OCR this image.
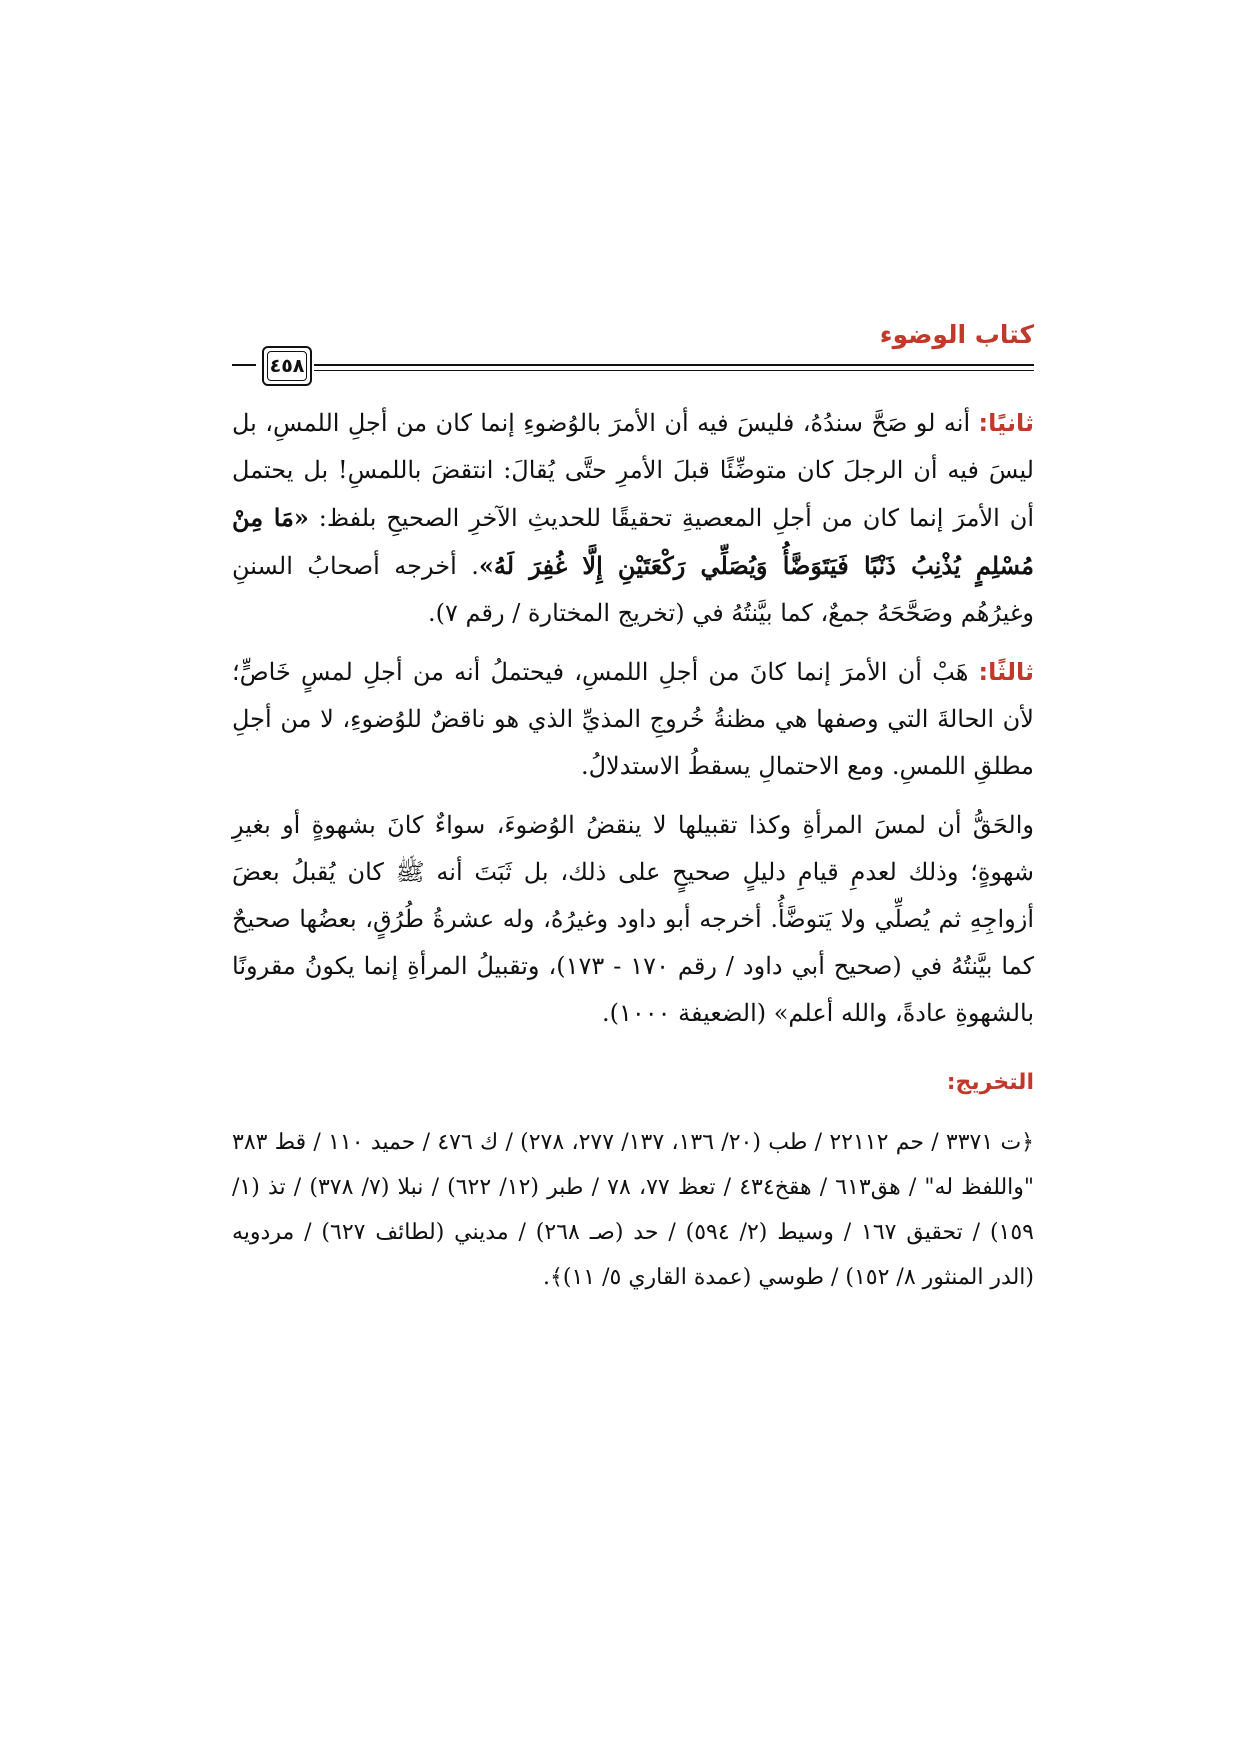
كتاب الوضوء
٤٥٨

ثانيًا: أنه لو صَحَّ سندُهُ، فليسَ فيه أن الأمرَ بالوُضوءِ إنما كان من أجلِ اللمسِ، بل ليسَ فيه أن الرجلَ كان متوضِّئًا قبلَ الأمرِ حتَّى يُقالَ: انتقضَ باللمسِ! بل يحتمل أن الأمرَ إنما كان من أجلِ المعصيةِ تحقيقًا للحديثِ الآخرِ الصحيحِ بلفظ: «مَا مِنْ مُسْلِمٍ يُذْنِبُ ذَنْبًا فَيَتَوَضَّأُ وَيُصَلِّي رَكْعَتَيْنِ إِلَّا غُفِرَ لَهُ». أخرجه أصحابُ السننِ وغيرُهُم وصَحَّحَهُ جمعٌ، كما بيَّنتُهُ في (تخريج المختارة / رقم ٧).

ثالثًا: هَبْ أن الأمرَ إنما كانَ من أجلِ اللمسِ، فيحتملُ أنه من أجلِ لمسٍ خَاصٍّ؛ لأن الحالةَ التي وصفها هي مظنةُ خُروجِ المذيِّ الذي هو ناقضٌ للوُضوءِ، لا من أجلِ مطلقِ اللمسِ. ومع الاحتمالِ يسقطُ الاستدلالُ.

والحَقُّ أن لمسَ المرأةِ وكذا تقبيلها لا ينقضُ الوُضوءَ، سواءٌ كانَ بشهوةٍ أو بغيرِ شهوةٍ؛ وذلك لعدمِ قيامِ دليلٍ صحيحٍ على ذلك، بل ثَبَتَ أنه ﷺ كان يُقبلُ بعضَ أزواجِهِ ثم يُصلِّي ولا يَتوضَّأُ. أخرجه أبو داود وغيرُهُ، وله عشرةُ طُرُقٍ، بعضُها صحيحٌ كما بيَّنتُهُ في (صحيح أبي داود / رقم ١٧٠ - ١٧٣)، وتقبيلُ المرأةِ إنما يكونُ مقرونًا بالشهوةِ عادةً، والله أعلم» (الضعيفة ١٠٠٠).

التخريج:

﴿ت ٣٣٧١ / حم ٢٢١١٢ / طب (٢٠/ ١٣٦، ١٣٧/ ٢٧٧، ٢٧٨) / ك ٤٧٦ / حميد ١١٠ / قط ٣٨٣ "واللفظ له" / هق٦١٣ / هقخ٤٣٤ / تعظ ٧٧، ٧٨ / طبر (١٢/ ٦٢٢) / نبلا (٧/ ٣٧٨) / تذ (١/ ١٥٩) / تحقيق ١٦٧ / وسيط (٢/ ٥٩٤) / حد (صـ ٢٦٨) / مديني (لطائف ٦٢٧) / مردويه (الدر المنثور ٨/ ١٥٢) / طوسي (عمدة القاري ٥/ ١١)﴾.
